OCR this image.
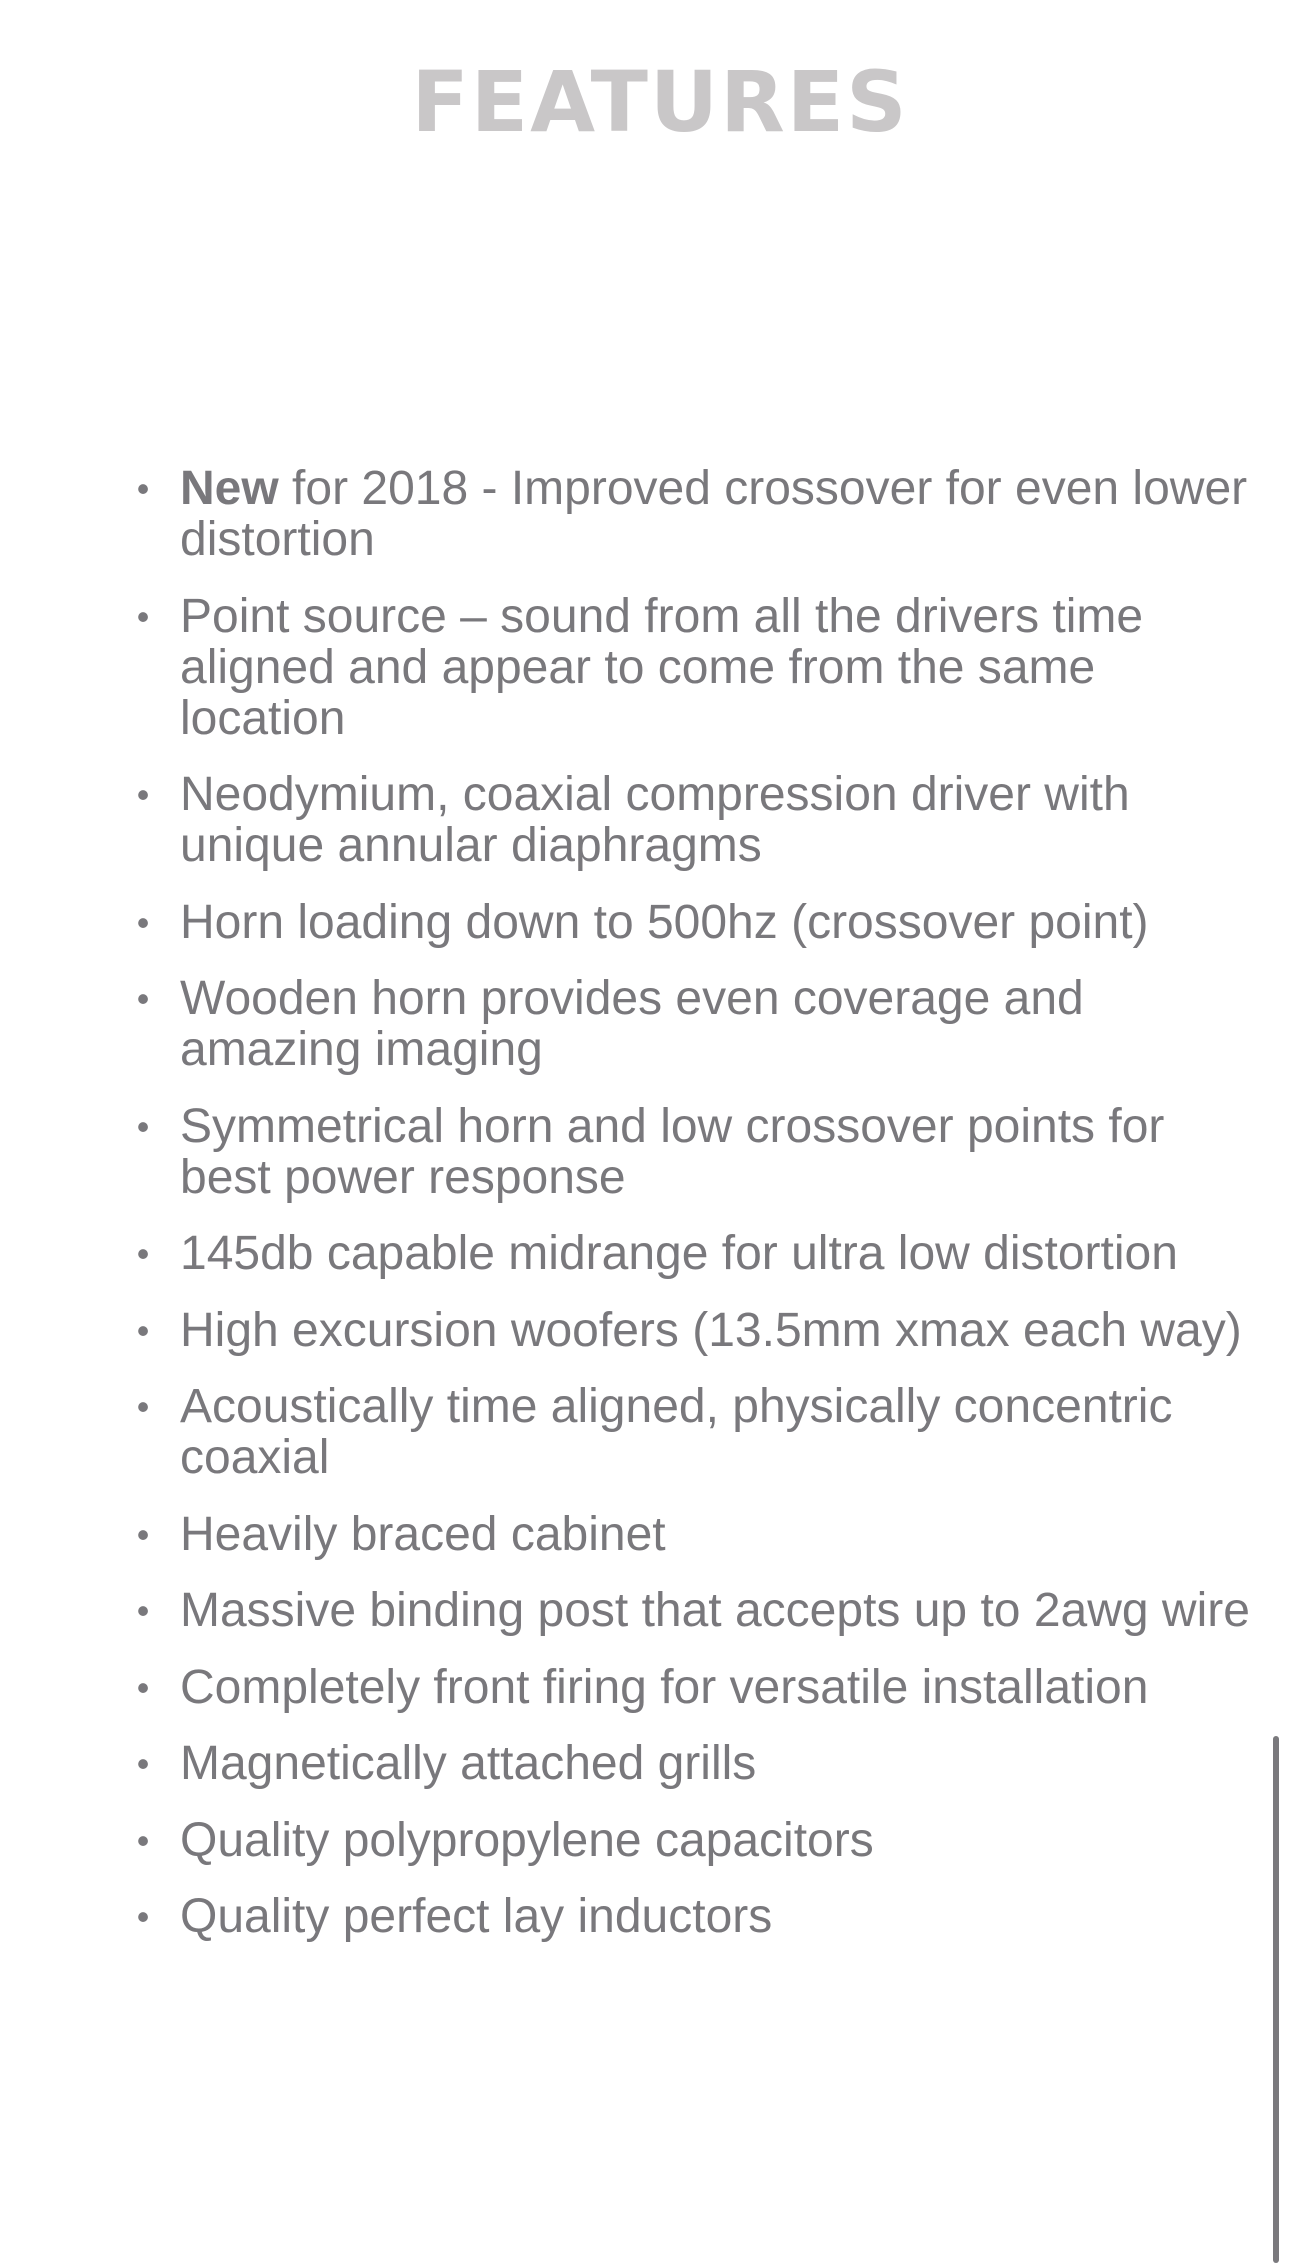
FEATURES
• New for 2018 - Improved crossover for even lower distortion
• Point source – sound from all the drivers time aligned and appear to come from the same location
• Neodymium, coaxial compression driver with unique annular diaphragms
• Horn loading down to 500hz (crossover point)
• Wooden horn provides even coverage and amazing imaging
• Symmetrical horn and low crossover points for best power response
• 145db capable midrange for ultra low distortion
• High excursion woofers (13.5mm xmax each way)
• Acoustically time aligned, physically concentric coaxial
• Heavily braced cabinet
• Massive binding post that accepts up to 2awg wire
• Completely front firing for versatile installation
• Magnetically attached grills
• Quality polypropylene capacitors
• Quality perfect lay inductors
